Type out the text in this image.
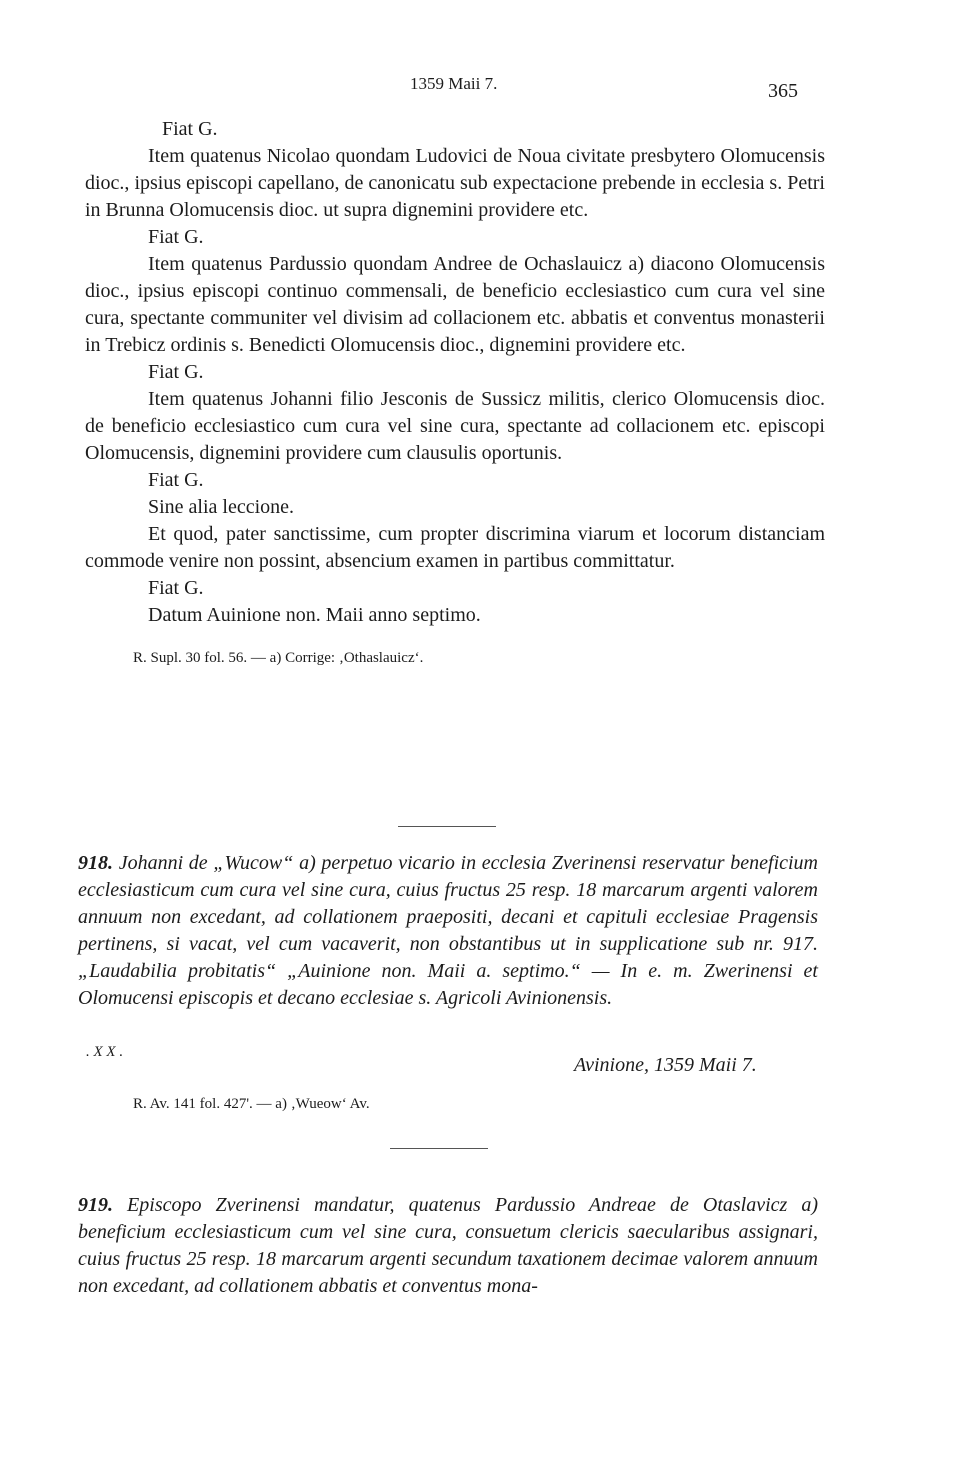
1359 Maii 7.	365

Fiat G.

Item quatenus Nicolao quondam Ludovici de Noua civitate presbytero Olomucensis dioc., ipsius episcopi capellano, de canonicatu sub expectacione prebende in ecclesia s. Petri in Brunna Olomucensis dioc. ut supra dignemini providere etc.

Fiat G.

Item quatenus Pardussio quondam Andree de Ochaslauicz a) diacono Olomucensis dioc., ipsius episcopi continuo commensali, de beneficio ecclesiastico cum cura vel sine cura, spectante communiter vel divisim ad collacionem etc. abbatis et conventus monasterii in Trebicz ordinis s. Benedicti Olomucensis dioc., dignemini providere etc.

Fiat G.

Item quatenus Johanni filio Jesconis de Sussicz militis, clerico Olomucensis dioc. de beneficio ecclesiastico cum cura vel sine cura, spectante ad collacionem etc. episcopi Olomucensis, dignemini providere cum clausulis oportunis.

Fiat G.

Sine alia leccione.

Et quod, pater sanctissime, cum propter discrimina viarum et locorum distanciam commode venire non possint, absencium examen in partibus committatur.

Fiat G.

Datum Auinione non. Maii anno septimo.

R. Supl. 30 fol. 56. — a) Corrige: ‚Othaslauicz‘.

918. Johanni de „Wucow“ a) perpetuo vicario in ecclesia Zverinensi reservatur beneficium ecclesiasticum cum cura vel sine cura, cuius fructus 25 resp. 18 marcarum argenti valorem annuum non excedant, ad collationem praepositi, decani et capituli ecclesiae Pragensis pertinens, si vacat, vel cum vacaverit, non obstantibus ut in supplicatione sub nr. 917. „Laudabilia probitatis“ „Auinione non. Maii a. septimo.“ — In e. m. Zwerinensi et Olomucensi episcopis et decano ecclesiae s. Agricoli Avinionensis.

. X X .
Avinione, 1359 Maii 7.
R. Av. 141 fol. 427'. — a) ‚Wueow‘ Av.

919. Episcopo Zverinensi mandatur, quatenus Pardussio Andreae de Otaslavicz a) beneficium ecclesiasticum cum vel sine cura, consuetum clericis saecularibus assignari, cuius fructus 25 resp. 18 marcarum argenti secundum taxationem decimae valorem annuum non excedant, ad collationem abbatis et conventus mona-
